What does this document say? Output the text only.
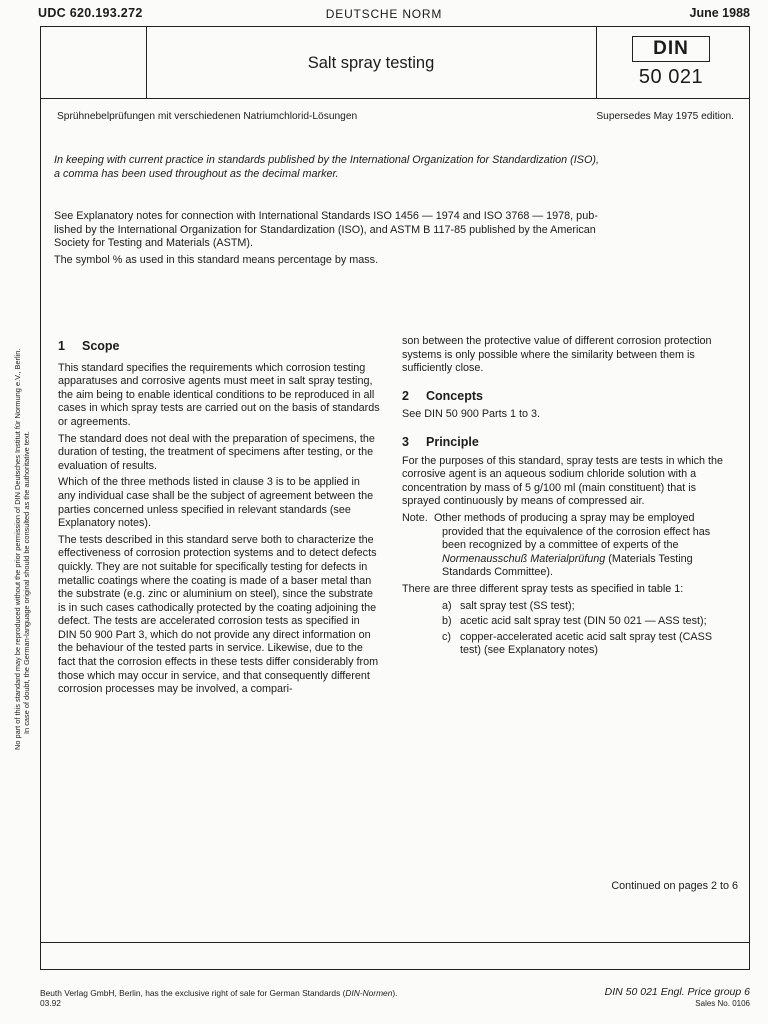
UDC 620.193.272	DEUTSCHE NORM	June 1988
Salt spray testing
DIN
50 021
Sprühnebelprüfungen mit verschiedenen Natriumchlorid-Lösungen	Supersedes May 1975 edition.
In keeping with current practice in standards published by the International Organization for Standardization (ISO),
a comma has been used throughout as the decimal marker.
See Explanatory notes for connection with International Standards ISO 1456 — 1974 and ISO 3768 — 1978, pub-
lished by the International Organization for Standardization (ISO), and ASTM B 117-85 published by the American
Society for Testing and Materials (ASTM).
The symbol % as used in this standard means percentage by mass.
No part of this standard may be reproduced without the prior permission of DIN Deutsches Institut für Normung e.V., Berlin. In case of doubt, the German-language original should be consulted as the authoritative text.
1 Scope

This standard specifies the requirements which corrosion testing apparatuses and corrosive agents must meet in salt spray testing, the aim being to enable identical conditions to be reproduced in all cases in which spray tests are carried out on the basis of standards or agreements.

The standard does not deal with the preparation of specimens, the duration of testing, the treatment of specimens after testing, or the evaluation of results.

Which of the three methods listed in clause 3 is to be applied in any individual case shall be the subject of agreement between the parties concerned unless specified in relevant standards (see Explanatory notes).

The tests described in this standard serve both to characterize the effectiveness of corrosion protection systems and to detect defects quickly. They are not suitable for specifically testing for defects in metallic coatings where the coating is made of a baser metal than the substrate (e.g. zinc or aluminium on steel), since the substrate is in such cases cathodically protected by the coating adjoining the defect. The tests are accelerated corrosion tests as specified in DIN 50 900 Part 3, which do not provide any direct information on the behaviour of the tested parts in service. Likewise, due to the fact that the corrosion effects in these tests differ considerably from those which may occur in service, and that consequently different corrosion processes may be involved, a compari-

son between the protective value of different corrosion protection systems is only possible where the similarity between them is sufficiently close.

2 Concepts

See DIN 50 900 Parts 1 to 3.

3 Principle

For the purposes of this standard, spray tests are tests in which the corrosive agent is an aqueous sodium chloride solution with a concentration by mass of 5 g/100 ml (main constituent) that is sprayed continuously by means of compressed air.

Note. Other methods of producing a spray may be employed provided that the equivalence of the corrosion effect has been recognized by a committee of experts of the Normenausschuß Materialprüfung (Materials Testing Standards Committee).

There are three different spray tests as specified in table 1:

a) salt spray test (SS test);
b) acetic acid salt spray test (DIN 50 021 — ASS test);
c) copper-accelerated acetic acid salt spray test (CASS test) (see Explanatory notes)
Continued on pages 2 to 6
Beuth Verlag GmbH, Berlin, has the exclusive right of sale for German Standards (DIN-Normen).
03.92
DIN 50 021 Engl. Price group 6
Sales No. 0106
